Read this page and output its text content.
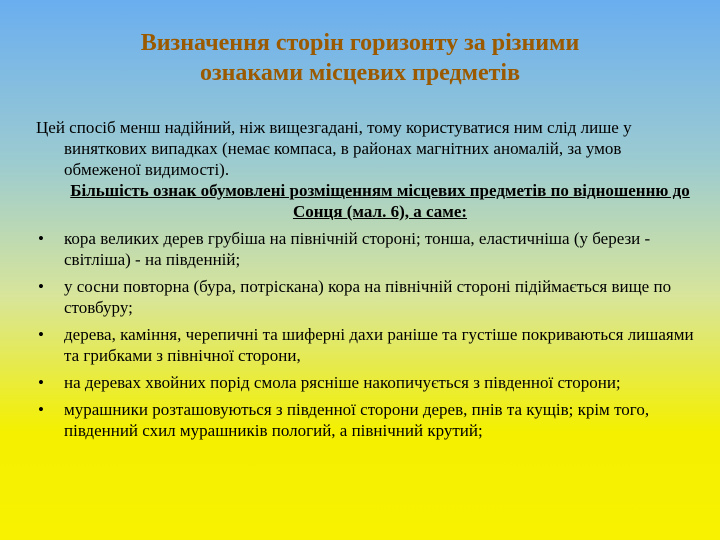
Визначення сторін горизонту за різними
ознаками місцевих предметів
Цей спосіб менш надійний, ніж вищезгадані, тому користуватися ним слід лише у виняткових випадках (немає компаса, в районах магнітних аномалій, за умов обмеженої видимості).
Більшість ознак обумовлені розміщенням місцевих предметів по відношенню до Сонця (мал. 6), а саме:
•	кора великих дерев грубіша на північній стороні; тонша, еластичніша (у берези - світліша) - на південній;
•	у сосни повторна (бура, потріскана) кора на північній стороні підіймається вище по стовбуру;
•	дерева, каміння, черепичні та шиферні дахи раніше та густіше покриваються лишаями та грибками з північної сторони,
•	на деревах хвойних порід смола рясніше накопичується з південної сторони;
•	мурашники розташовуються з південної сторони дерев, пнів та кущів; крім того, південний схил мурашників пологий, а північний крутий;
